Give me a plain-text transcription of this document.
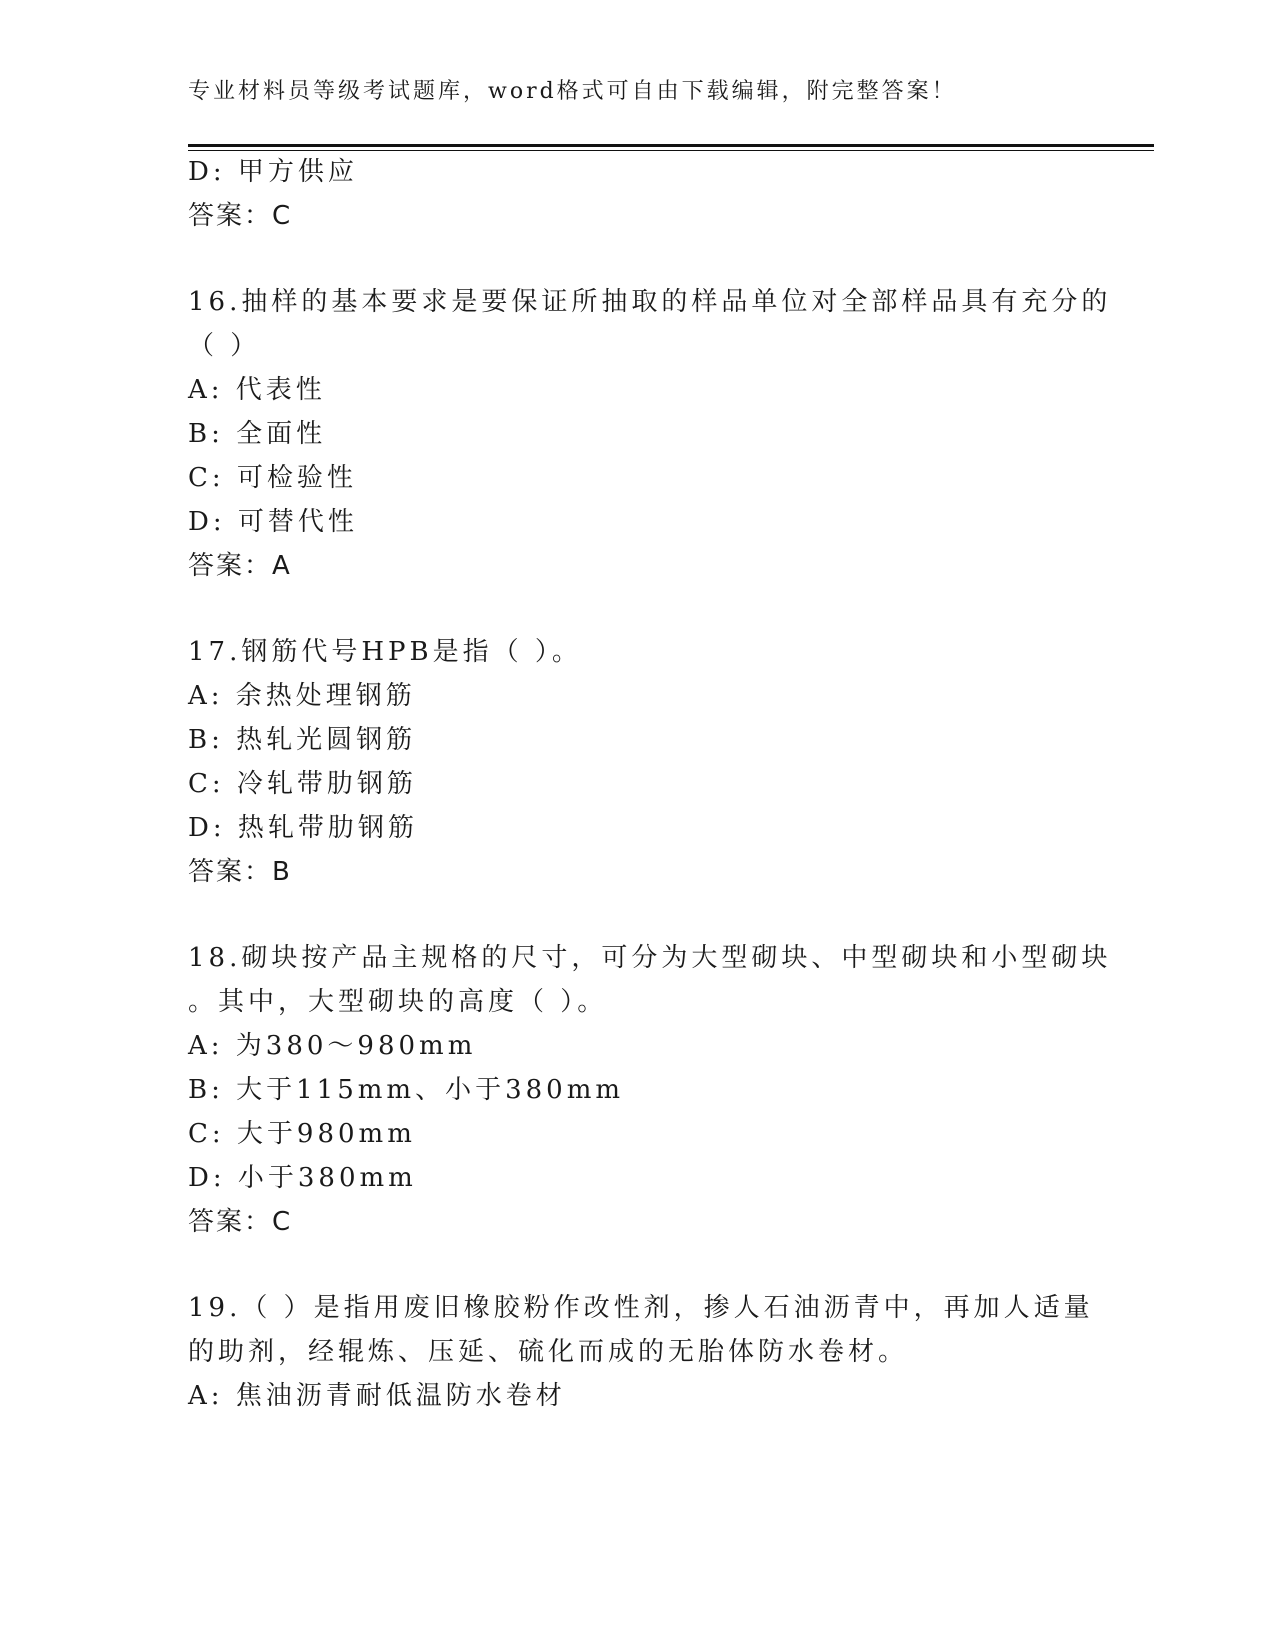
专业材料员等级考试题库，word格式可自由下载编辑，附完整答案！
D: 甲方供应
答案：C
16.抽样的基本要求是要保证所抽取的样品单位对全部样品具有充分的
（ ）
A: 代表性
B: 全面性
C: 可检验性
D: 可替代性
答案：A
17.钢筋代号HPB是指（ ）。
A: 余热处理钢筋
B: 热轧光圆钢筋
C: 冷轧带肋钢筋
D: 热轧带肋钢筋
答案：B
18.砌块按产品主规格的尺寸，可分为大型砌块、中型砌块和小型砌块
。其中，大型砌块的高度（ ）。
A: 为380～980mm
B: 大于115mm、小于380mm
C: 大于980mm
D: 小于380mm
答案：C
19.（ ）是指用废旧橡胶粉作改性剂，掺人石油沥青中，再加人适量
的助剂，经辊炼、压延、硫化而成的无胎体防水卷材。
A: 焦油沥青耐低温防水卷材
